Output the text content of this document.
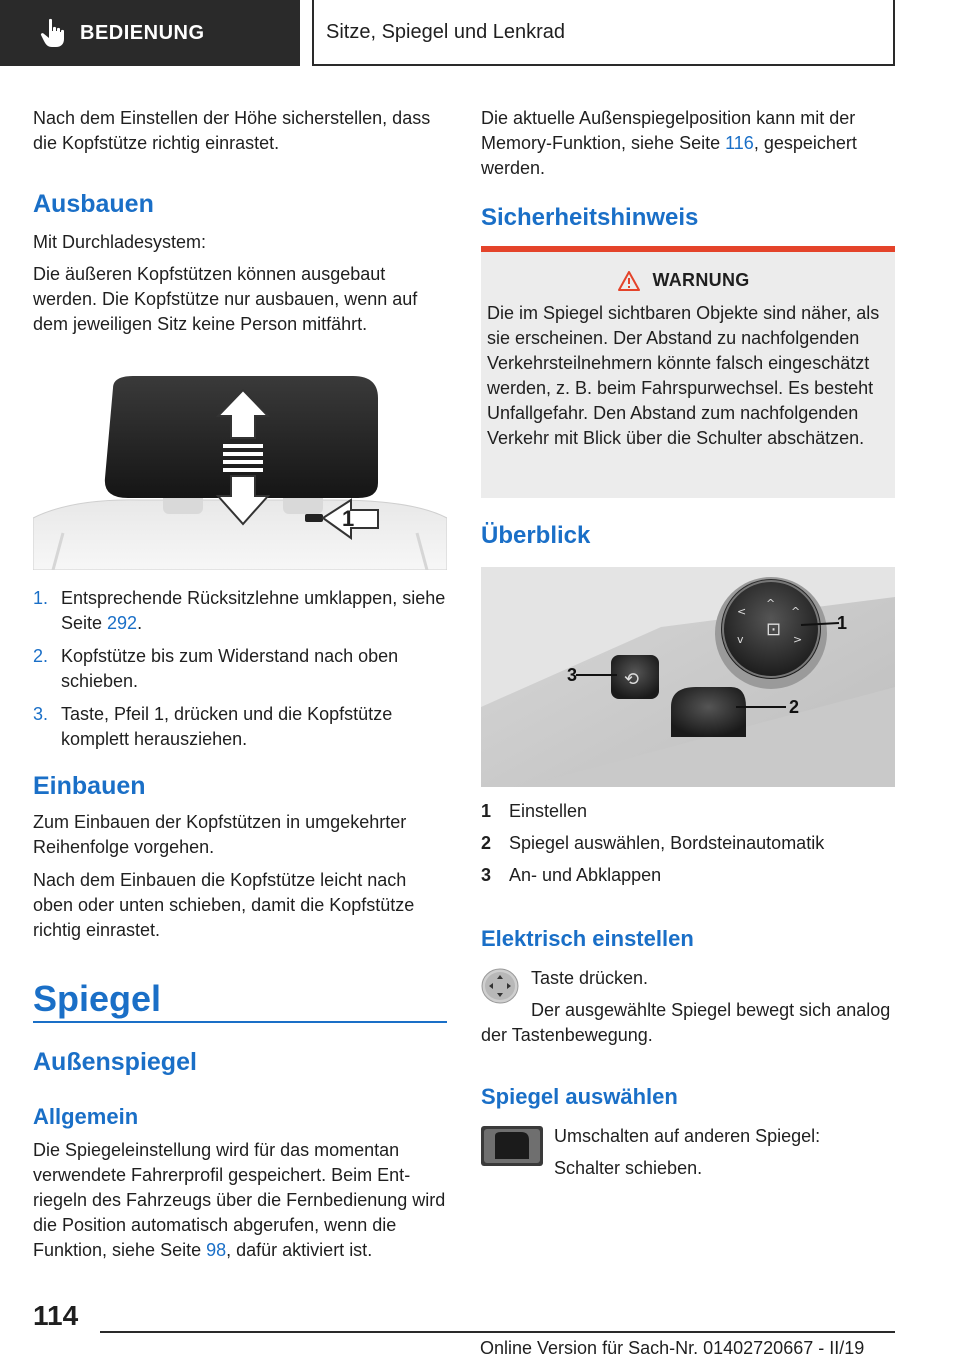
BEDIENUNG	Sitze, Spiegel und Lenkrad

Nach dem Einstellen der Höhe sicherstellen, dass die Kopfstütze richtig einrastet.

Ausbauen

Mit Durchladesystem:

Die äußeren Kopfstützen können ausgebaut werden. Die Kopfstütze nur ausbauen, wenn auf dem jeweiligen Sitz keine Person mitfährt.

1
1. Entsprechende Rücksitzlehne umklappen, siehe Seite 292.
2. Kopfstütze bis zum Widerstand nach oben schieben.
3. Taste, Pfeil 1, drücken und die Kopfstütze komplett herausziehen.
Einbauen

Zum Einbauen der Kopfstützen in umgekehrter Reihenfolge vorgehen.

Nach dem Einbauen die Kopfstütze leicht nach oben oder unten schieben, damit die Kopfstütze richtig einrastet.

Spiegel
Außenspiegel
Allgemein

Die Spiegeleinstellung wird für das momentan verwendete Fahrerprofil gespeichert. Beim Entriegeln des Fahrzeugs über die Fernbedienung wird die Position automatisch abgerufen, wenn die Funktion, siehe Seite 98, dafür aktiviert ist.

Die aktuelle Außenspiegelposition kann mit der Memory-Funktion, siehe Seite 116, gespeichert werden.

Sicherheitshinweis
WARNUNG

Die im Spiegel sichtbaren Objekte sind näher, als sie erscheinen. Der Abstand zu nachfolgenden Verkehrsteilnehmern könnte falsch eingeschätzt werden, z. B. beim Fahrspurwechsel. Es besteht Unfallgefahr. Den Abstand zum nachfolgenden Verkehr mit Blick über die Schulter abschätzen.

Überblick
⊡
<
^
^
v	>
⟲
1
2
3
1 Einstellen
2 Spiegel auswählen, Bordsteinautomatik
3 An- und Abklappen
Elektrisch einstellen

Taste drücken.

Der ausgewählte Spiegel bewegt sich analog der Tastenbewegung.

Spiegel auswählen

Umschalten auf anderen Spiegel:

Schalter schieben.

114
Online Version für Sach-Nr. 01402720667 - II/19
